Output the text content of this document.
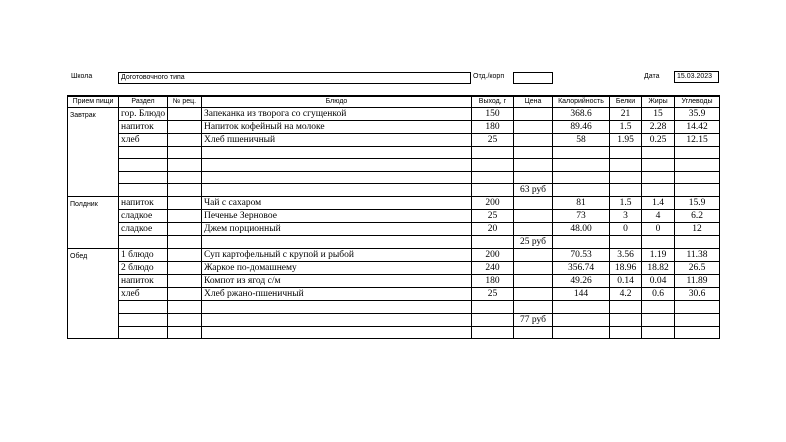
Школа	Доготовочного типа	Отд./корп	Дата	15.03.2023
Прием пищи	Раздел	№ рец.	Блюдо	Выход, г	Цена	Калорийность	Белки	Жиры	Углеводы
Завтрак	гор. Блюдо		Запеканка из творога со сгущенкой	150		368.6	21	15	35.9
	напиток		Напиток кофейный на молоке	180		89.46	1.5	2.28	14.42
	хлеб		Хлеб пшеничный	25		58	1.95	0.25	12.15

					63 руб				
Полдник	напиток		Чай с сахаром	200		81	1.5	1.4	15.9
	сладкое		Печенье Зерновое	25		73	3	4	6.2
	сладкое		Джем порционный	20		48.00	0	0	12
					25 руб				
Обед	1 блюдо		Суп картофельный с крупой и рыбой	200		70.53	3.56	1.19	11.38
	2 блюдо		Жаркое по-домашнему	240		356.74	18.96	18.82	26.5
	напиток		Компот из ягод с/м	180		49.26	0.14	0.04	11.89
	хлеб		Хлеб ржано-пшеничный	25		144	4.2	0.6	30.6

					77 руб				
